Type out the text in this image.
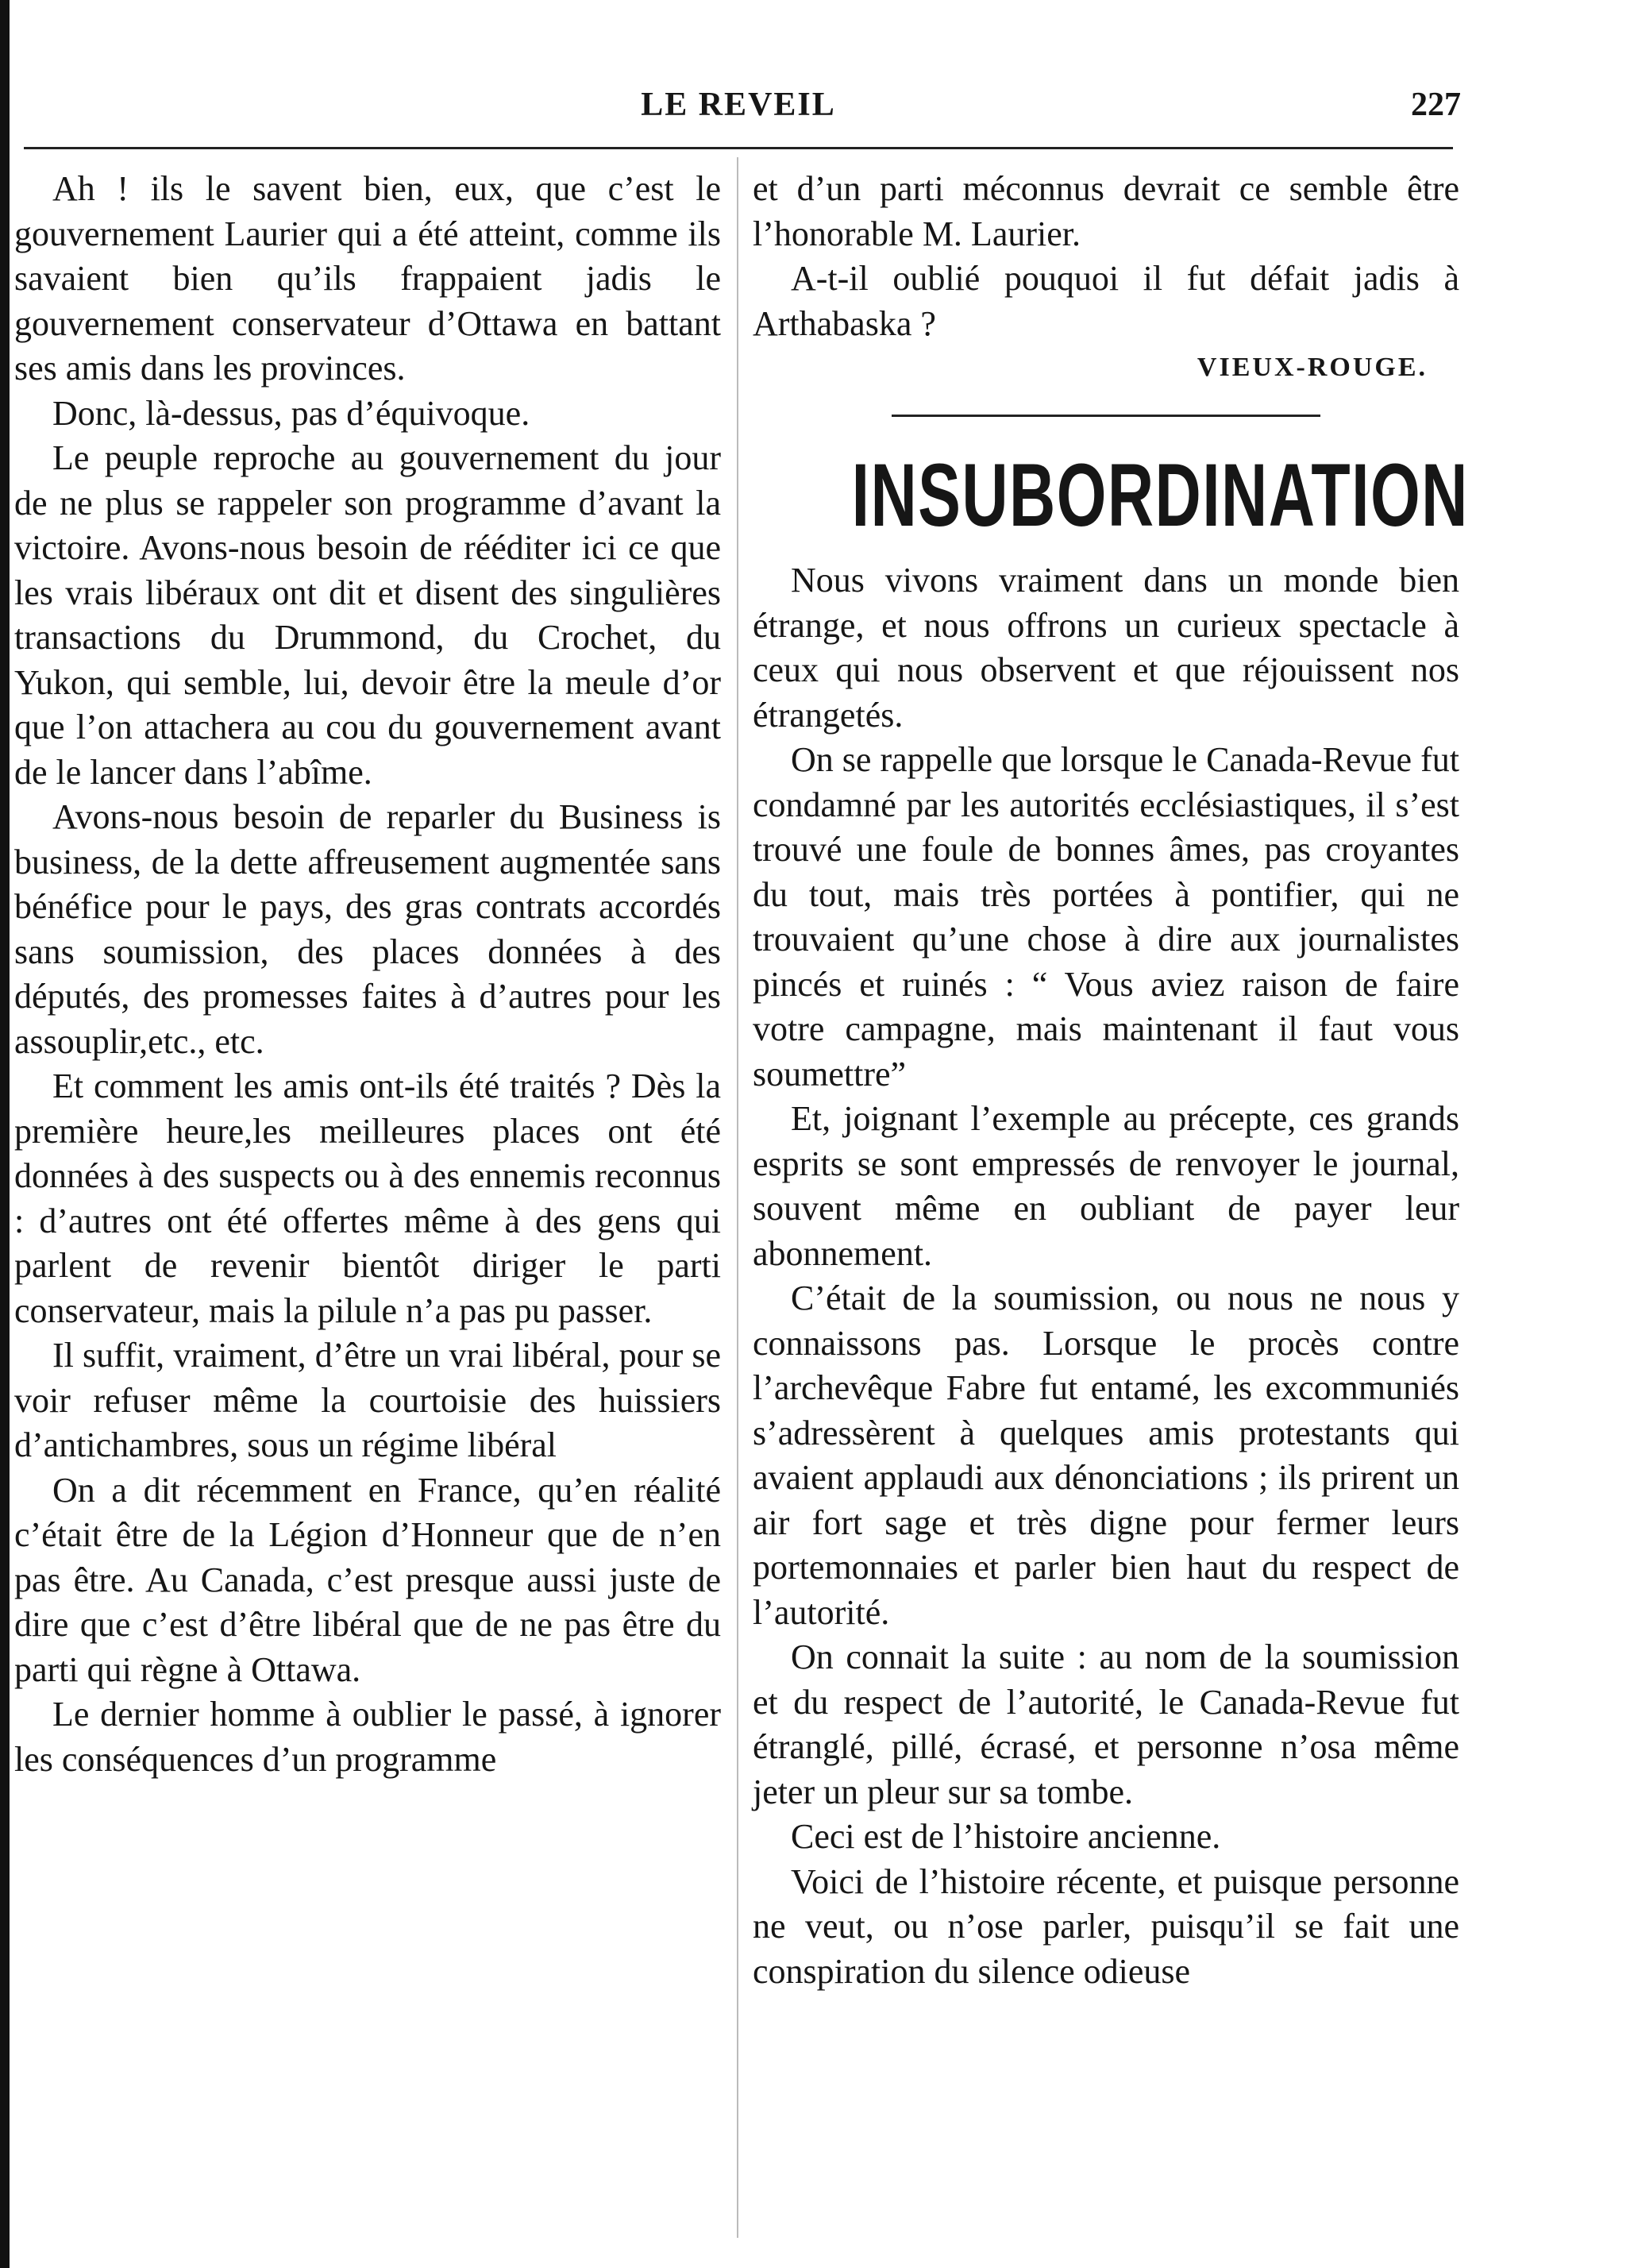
LE REVEIL	227

Ah ! ils le savent bien, eux, que c’est le gouvernement Laurier qui a été atteint, comme ils savaient bien qu’ils frappaient jadis le gouvernement conservateur d’Ottawa en battant ses amis dans les provinces.

Donc, là-dessus, pas d’équivoque.

Le peuple reproche au gouvernement du jour de ne plus se rappeler son programme d’avant la victoire. Avons-nous besoin de rééditer ici ce que les vrais libéraux ont dit et disent des singulières transactions du Drummond, du Crochet, du Yukon, qui semble, lui, devoir être la meule d’or que l’on attachera au cou du gouvernement avant de le lancer dans l’abîme.

Avons-nous besoin de reparler du Business is business, de la dette affreusement augmentée sans bénéfice pour le pays, des gras contrats accordés sans soumission, des places données à des députés, des promesses faites à d’autres pour les assouplir,etc., etc.

Et comment les amis ont-ils été traités ? Dès la première heure,les meilleures places ont été données à des suspects ou à des ennemis reconnus : d’autres ont été offertes même à des gens qui parlent de revenir bientôt diriger le parti conservateur, mais la pilule n’a pas pu passer.

Il suffit, vraiment, d’être un vrai libéral, pour se voir refuser même la courtoisie des huissiers d’antichambres, sous un régime libéral

On a dit récemment en France, qu’en réalité c’était être de la Légion d’Honneur que de n’en pas être. Au Canada, c’est presque aussi juste de dire que c’est d’être libéral que de ne pas être du parti qui règne à Ottawa.

Le dernier homme à oublier le passé, à ignorer les conséquences d’un programme

et d’un parti méconnus devrait ce semble être l’honorable M. Laurier.

A-t-il oublié pouquoi il fut défait jadis à Arthabaska ?

VIEUX-ROUGE.

INSUBORDINATION

Nous vivons vraiment dans un monde bien étrange, et nous offrons un curieux spectacle à ceux qui nous observent et que réjouissent nos étrangetés.

On se rappelle que lorsque le Canada-Revue fut condamné par les autorités ecclésiastiques, il s’est trouvé une foule de bonnes âmes, pas croyantes du tout, mais très portées à pontifier, qui ne trouvaient qu’une chose à dire aux journalistes pincés et ruinés : “ Vous aviez raison de faire votre campagne, mais maintenant il faut vous soumettre”

Et, joignant l’exemple au précepte, ces grands esprits se sont empressés de renvoyer le journal, souvent même en oubliant de payer leur abonnement.

C’était de la soumission, ou nous ne nous y connaissons pas. Lorsque le procès contre l’archevêque Fabre fut entamé, les excommuniés s’adressèrent à quelques amis protestants qui avaient applaudi aux dénonciations ; ils prirent un air fort sage et très digne pour fermer leurs portemonnaies et parler bien haut du respect de l’autorité.

On connait la suite : au nom de la soumission et du respect de l’autorité, le Canada-Revue fut étranglé, pillé, écrasé, et personne n’osa même jeter un pleur sur sa tombe.

Ceci est de l’histoire ancienne.

Voici de l’histoire récente, et puisque personne ne veut, ou n’ose parler, puisqu’il se fait une conspiration du silence odieuse
